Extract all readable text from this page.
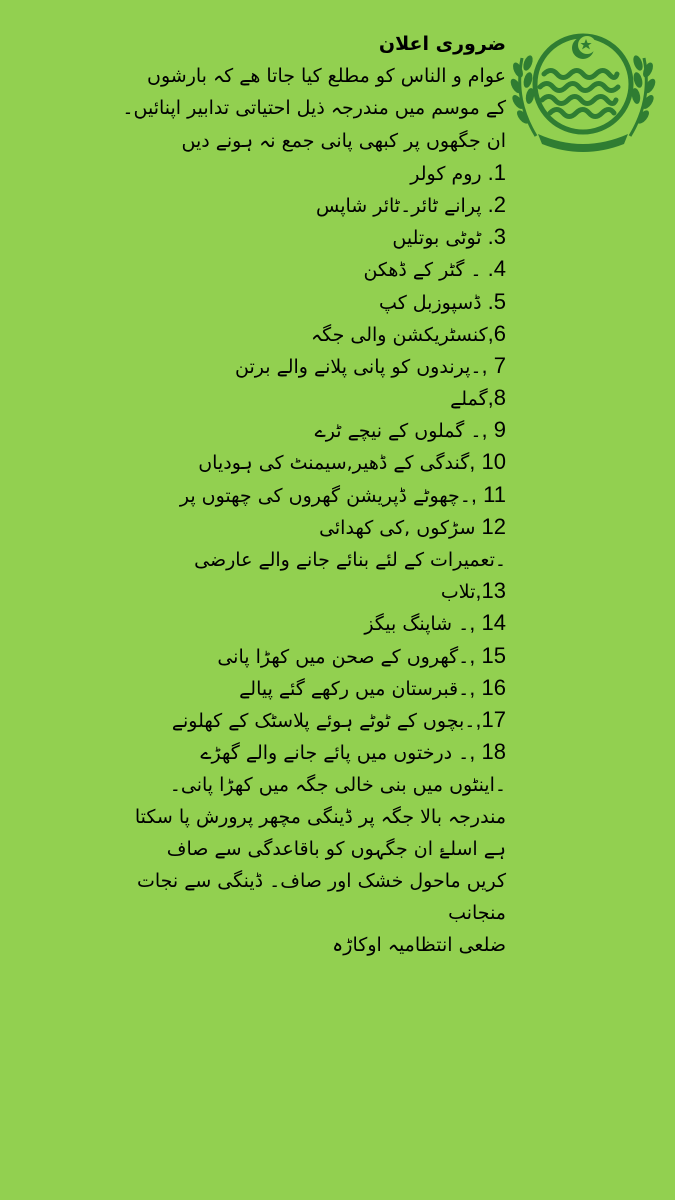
ضروری اعلان
عوام و الناس کو مطلع کیا جاتا ھے کہ بارشوں
کے موسم میں مندرجہ ذیل احتیاتی تدابیر اپنائیں۔
ان جگھوں پر کبھی پانی جمع نہ ہونے دیں
1. روم کولر
2. پرانے ٹائر۔ٹائر شاپس
3. ٹوٹی بوتلیں
4. ۔ گٹر کے ڈھکن
5. ڈسپوزبل کپ
6,کنسٹریکشن والی جگہ
7 ,۔پرندوں کو پانی پلانے والے برتن
8,گملے
9 ,۔ گملوں کے نیچے ٹرے
10 ,گندگی کے ڈھیر,سیمنٹ کی ہودیاں
11 ,۔چھوٹے ڈپریشن گھروں کی چھتوں پر
12 سڑکوں ,کی کھدائی
۔تعمیرات کے لئے بنائے جانے والے عارضی
13,تلاب
14 ,۔ شاپنگ بیگز
15 ,۔گھروں کے صحن میں کھڑا پانی
16 ,۔قبرستان میں رکھے گئے پیالے
17,۔بچوں کے ٹوٹے ہوئے پلاسٹک کے کھلونے
18 ,۔ درختوں میں پائے جانے والے گھڑے
۔اینٹوں میں بنی خالی جگہ میں کھڑا پانی۔
مندرجہ بالا جگہ پر ڈینگی مچھر پرورش پا سکتا
ہے اسلۓ ان جگہوں کو باقاعدگی سے صاف
کریں ماحول خشک اور صاف۔ ڈینگی سے نجات
منجانب
ضلعی انتظامیہ اوکاڑہ
